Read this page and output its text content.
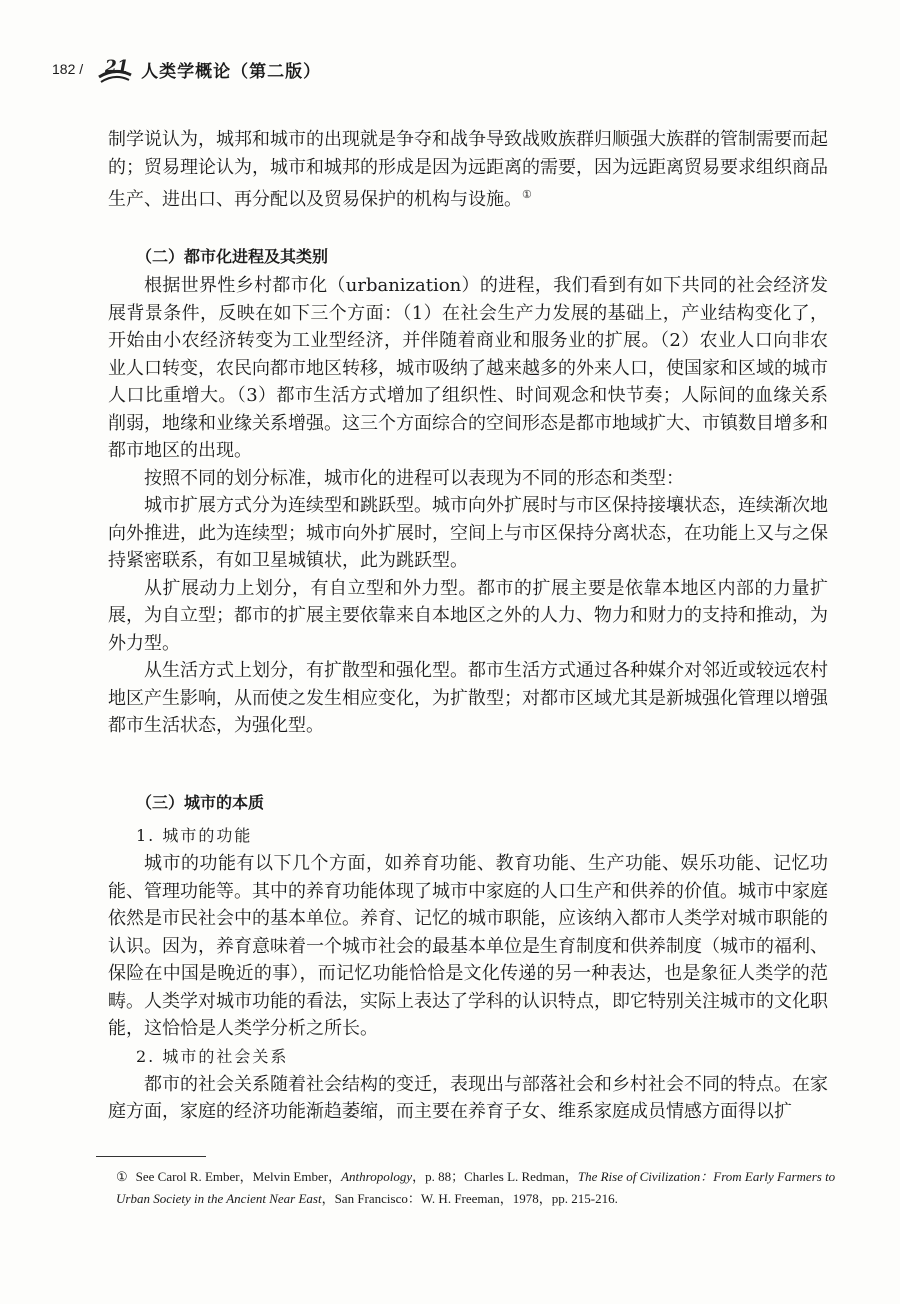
182 / 21 人类学概论（第二版）

制学说认为，城邦和城市的出现就是争夺和战争导致战败族群归顺强大族群的管制需要而起的；贸易理论认为，城市和城邦的形成是因为远距离的需要，因为远距离贸易要求组织商品生产、进出口、再分配以及贸易保护的机构与设施。①

（二）都市化进程及其类别

根据世界性乡村都市化（urbanization）的进程，我们看到有如下共同的社会经济发展背景条件，反映在如下三个方面：（1）在社会生产力发展的基础上，产业结构变化了，开始由小农经济转变为工业型经济，并伴随着商业和服务业的扩展。（2）农业人口向非农业人口转变，农民向都市地区转移，城市吸纳了越来越多的外来人口，使国家和区域的城市人口比重增大。（3）都市生活方式增加了组织性、时间观念和快节奏；人际间的血缘关系削弱，地缘和业缘关系增强。这三个方面综合的空间形态是都市地域扩大、市镇数目增多和都市地区的出现。

按照不同的划分标准，城市化的进程可以表现为不同的形态和类型：

城市扩展方式分为连续型和跳跃型。城市向外扩展时与市区保持接壤状态，连续渐次地向外推进，此为连续型；城市向外扩展时，空间上与市区保持分离状态，在功能上又与之保持紧密联系，有如卫星城镇状，此为跳跃型。

从扩展动力上划分，有自立型和外力型。都市的扩展主要是依靠本地区内部的力量扩展，为自立型；都市的扩展主要依靠来自本地区之外的人力、物力和财力的支持和推动，为外力型。

从生活方式上划分，有扩散型和强化型。都市生活方式通过各种媒介对邻近或较远农村地区产生影响，从而使之发生相应变化，为扩散型；对都市区域尤其是新城强化管理以增强都市生活状态，为强化型。

（三）城市的本质
1. 城市的功能

城市的功能有以下几个方面，如养育功能、教育功能、生产功能、娱乐功能、记忆功能、管理功能等。其中的养育功能体现了城市中家庭的人口生产和供养的价值。城市中家庭依然是市民社会中的基本单位。养育、记忆的城市职能，应该纳入都市人类学对城市职能的认识。因为，养育意味着一个城市社会的最基本单位是生育制度和供养制度（城市的福利、保险在中国是晚近的事），而记忆功能恰恰是文化传递的另一种表达，也是象征人类学的范畴。人类学对城市功能的看法，实际上表达了学科的认识特点，即它特别关注城市的文化职能，这恰恰是人类学分析之所长。

2. 城市的社会关系

都市的社会关系随着社会结构的变迁，表现出与部落社会和乡村社会不同的特点。在家庭方面，家庭的经济功能渐趋萎缩，而主要在养育子女、维系家庭成员情感方面得以扩

① See Carol R. Ember，Melvin Ember，Anthropology，p. 88；Charles L. Redman，The Rise of Civilization：From Early Farmers to Urban Society in the Ancient Near East，San Francisco：W. H. Freeman，1978，pp. 215-216.
